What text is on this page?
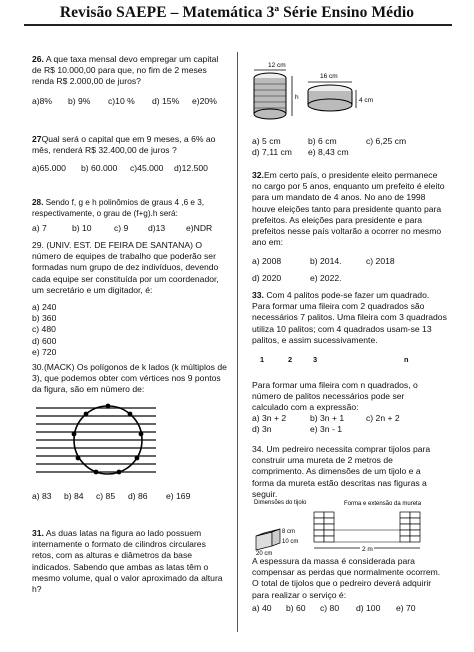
Revisão SAEPE – Matemática 3ª Série Ensino Médio
26. A que taxa mensal devo empregar um capital de R$ 10.000,00 para que, no fim de 2 meses renda R$ 2.000,00 de juros?
a)8% b) 9% c)10 % d) 15% e)20%
27Qual será o capital que em 9 meses, a 6% ao mês, renderá R$ 32.400,00 de juros ?
a)65.000 b) 60.000 c)45.000 d)12.500
28. Sendo f, g e h polinômios de graus 4 ,6 e 3, respectivamente, o grau de (f+g).h será:
a) 7	b) 10	c) 9 d)13 e)NDR
29. (UNIV. EST. DE FEIRA DE SANTANA) O número de equipes de trabalho que poderão ser formadas num grupo de dez indivíduos, devendo cada equipe ser constituída por um coordenador, um secretário e um digitador, é:
a) 240
b) 360
c) 480
d) 600
e) 720
30.(MACK) Os polígonos de k lados (k múltiplos de 3), que podemos obter com vértices nos 9 pontos da figura, são em número de:
a) 83 b) 84 c) 85 d) 86 e) 169
31. As duas latas na figura ao lado possuem internamente o formato de cilindros circulares retos, com as alturas e diâmetros da base indicados. Sabendo que ambas as latas têm o mesmo volume, qual o valor aproximado da altura h?
12 cm
h
16 cm
4 cm
a) 5 cm	b) 6 cm	c) 6,25 cm
d) 7,11 cm e) 8,43 cm
32.Em certo país, o presidente eleito permanece no cargo por 5 anos, enquanto um prefeito é eleito para um mandato de 4 anos. No ano de 1998 houve eleições tanto para presidente quanto para prefeitos. As eleições para presidente e para prefeitos nesse país voltarão a ocorrer no mesmo ano em:
a) 2008	b) 2014.	c) 2018
d) 2020	e) 2022.
33. Com 4 palitos pode-se fazer um quadrado. Para formar uma fileira com 2 quadrados são necessários 7 palitos. Uma fileira com 3 quadrados utiliza 10 palitos; com 4 quadrados usam-se 13 palitos, e assim sucessivamente.
1	2	3	n
Para formar uma fileira com n quadrados, o número de palitos necessários pode ser calculado com a expressão:
a) 3n + 2	b) 3n + 1	c) 2n + 2
d) 3n	e) 3n - 1
34. Um pedreiro necessita comprar tijolos para construir uma mureta de 2 metros de comprimento. As dimensões de um tijolo e a forma da mureta estão descritas nas figuras a seguir.
Dimensões do tijolo
8 cm
10 cm
20 cm
Forma e extensão da mureta
2 m
A espessura da massa é considerada para compensar as perdas que normalmente ocorrem. O total de tijolos que o pedreiro deverá adquirir para realizar o serviço é:
a) 40 b) 60 c) 80 d) 100 e) 70
